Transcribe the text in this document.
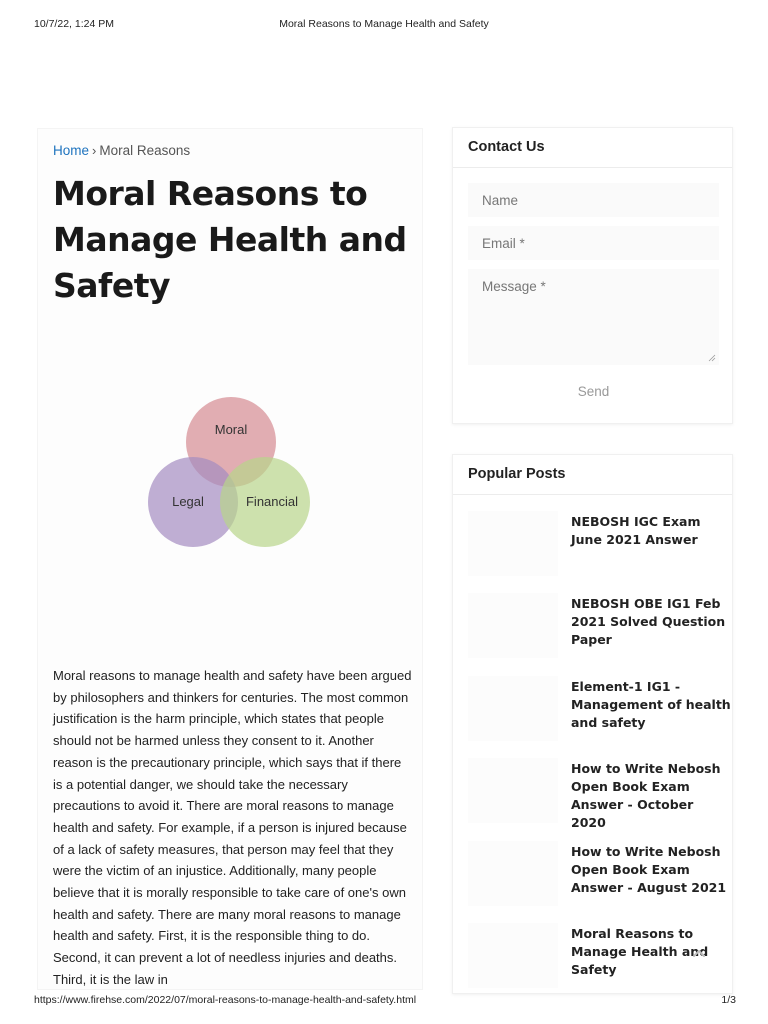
10/7/22, 1:24 PM	Moral Reasons to Manage Health and Safety
Home › Moral Reasons
Moral Reasons to Manage Health and Safety
Moral
Legal	Financial

Moral reasons to manage health and safety have been argued by philosophers and thinkers for centuries. The most common justification is the harm principle, which states that people should not be harmed unless they consent to it. Another reason is the precautionary principle, which says that if there is a potential danger, we should take the necessary precautions to avoid it. There are moral reasons to manage health and safety. For example, if a person is injured because of a lack of safety measures, that person may feel that they were the victim of an injustice. Additionally, many people believe that it is morally responsible to take care of one's own health and safety. There are many moral reasons to manage health and safety. First, it is the responsible thing to do. Second, it can prevent a lot of needless injuries and deaths. Third, it is the law in

Contact Us
Name
Email *
Message *
Send
Popular Posts
NEBOSH IGC Exam June 2021 Answer
NEBOSH OBE IG1 Feb 2021 Solved Question Paper
Element-1 IG1 - Management of health and safety
How to Write Nebosh Open Book Exam Answer - October 2020
How to Write Nebosh Open Book Exam Answer - August 2021
Moral Reasons to Manage Health and Safety
https://www.firehse.com/2022/07/moral-reasons-to-manage-health-and-safety.html	1/3
